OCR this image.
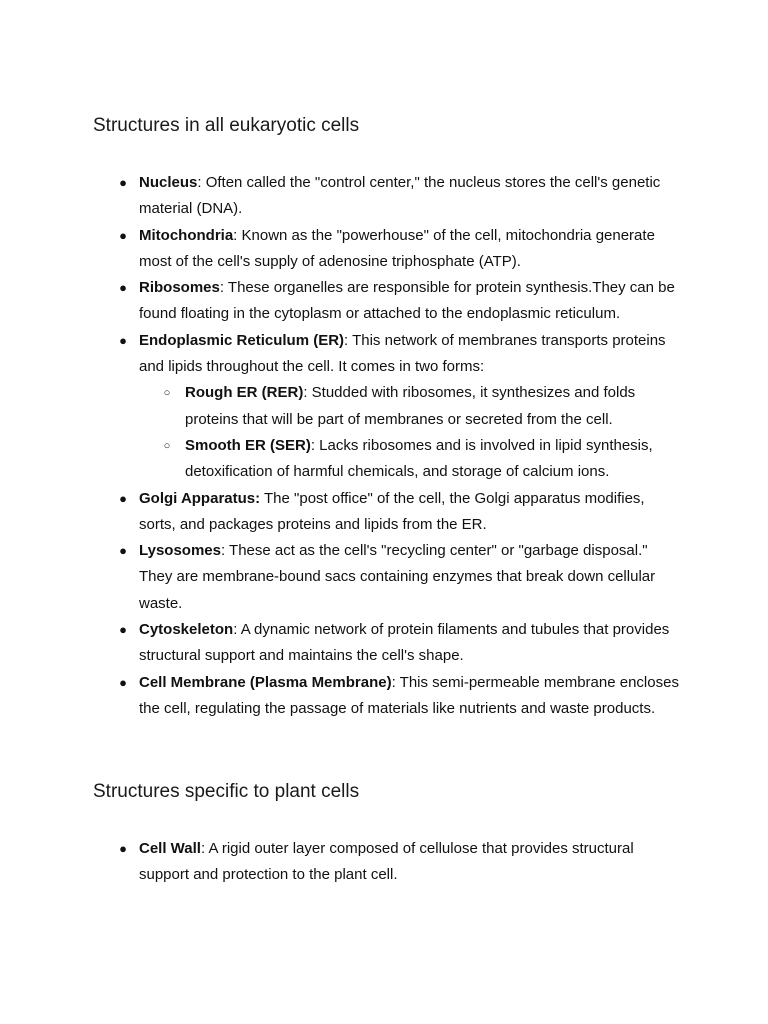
Structures in all eukaryotic cells
● Nucleus: Often called the "control center," the nucleus stores the cell's genetic material (DNA).
● Mitochondria: Known as the "powerhouse" of the cell, mitochondria generate most of the cell's supply of adenosine triphosphate (ATP).
● Ribosomes: These organelles are responsible for protein synthesis.They can be found floating in the cytoplasm or attached to the endoplasmic reticulum.
● Endoplasmic Reticulum (ER): This network of membranes transports proteins and lipids throughout the cell. It comes in two forms:
○ Rough ER (RER): Studded with ribosomes, it synthesizes and folds proteins that will be part of membranes or secreted from the cell.
○ Smooth ER (SER): Lacks ribosomes and is involved in lipid synthesis, detoxification of harmful chemicals, and storage of calcium ions.
● Golgi Apparatus: The "post office" of the cell, the Golgi apparatus modifies, sorts, and packages proteins and lipids from the ER.
● Lysosomes: These act as the cell's "recycling center" or "garbage disposal." They are membrane-bound sacs containing enzymes that break down cellular waste.
● Cytoskeleton: A dynamic network of protein filaments and tubules that provides structural support and maintains the cell's shape.
● Cell Membrane (Plasma Membrane): This semi-permeable membrane encloses the cell, regulating the passage of materials like nutrients and waste products.
Structures specific to plant cells
● Cell Wall: A rigid outer layer composed of cellulose that provides structural support and protection to the plant cell.
